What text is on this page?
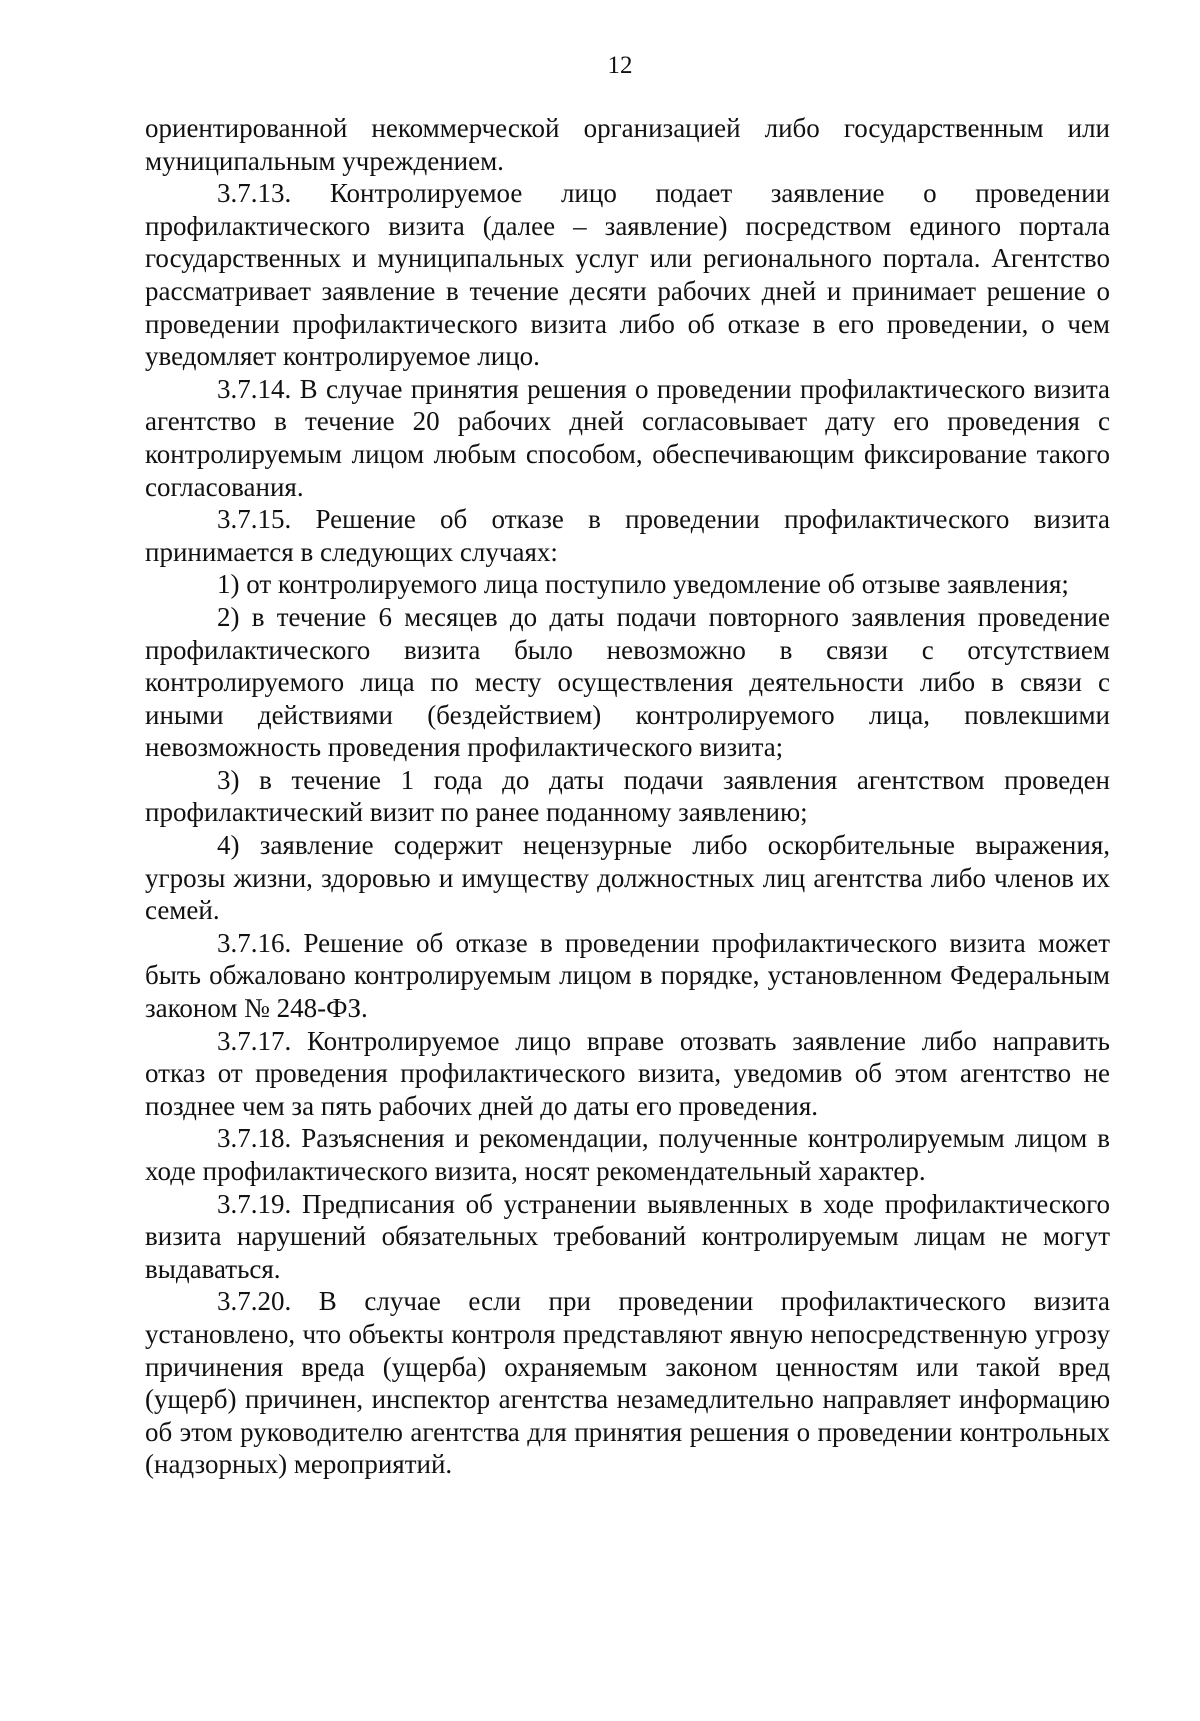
12

ориентированной некоммерческой организацией либо государственным или муниципальным учреждением.

3.7.13. Контролируемое лицо подает заявление о проведении профилактического визита (далее – заявление) посредством единого портала государственных и муниципальных услуг или регионального портала. Агентство рассматривает заявление в течение десяти рабочих дней и принимает решение о проведении профилактического визита либо об отказе в его проведении, о чем уведомляет контролируемое лицо.

3.7.14. В случае принятия решения о проведении профилактического визита агентство в течение 20 рабочих дней согласовывает дату его проведения с контролируемым лицом любым способом, обеспечивающим фиксирование такого согласования.

3.7.15. Решение об отказе в проведении профилактического визита принимается в следующих случаях:

1) от контролируемого лица поступило уведомление об отзыве заявления;

2) в течение 6 месяцев до даты подачи повторного заявления проведение профилактического визита было невозможно в связи с отсутствием контролируемого лица по месту осуществления деятельности либо в связи с иными действиями (бездействием) контролируемого лица, повлекшими невозможность проведения профилактического визита;

3) в течение 1 года до даты подачи заявления агентством проведен профилактический визит по ранее поданному заявлению;

4) заявление содержит нецензурные либо оскорбительные выражения, угрозы жизни, здоровью и имуществу должностных лиц агентства либо членов их семей.

3.7.16. Решение об отказе в проведении профилактического визита может быть обжаловано контролируемым лицом в порядке, установленном Федеральным законом № 248-ФЗ.

3.7.17. Контролируемое лицо вправе отозвать заявление либо направить отказ от проведения профилактического визита, уведомив об этом агентство не позднее чем за пять рабочих дней до даты его проведения.

3.7.18. Разъяснения и рекомендации, полученные контролируемым лицом в ходе профилактического визита, носят рекомендательный характер.

3.7.19. Предписания об устранении выявленных в ходе профилактического визита нарушений обязательных требований контролируемым лицам не могут выдаваться.

3.7.20. В случае если при проведении профилактического визита установлено, что объекты контроля представляют явную непосредственную угрозу причинения вреда (ущерба) охраняемым законом ценностям или такой вред (ущерб) причинен, инспектор агентства незамедлительно направляет информацию об этом руководителю агентства для принятия решения о проведении контрольных (надзорных) мероприятий.
